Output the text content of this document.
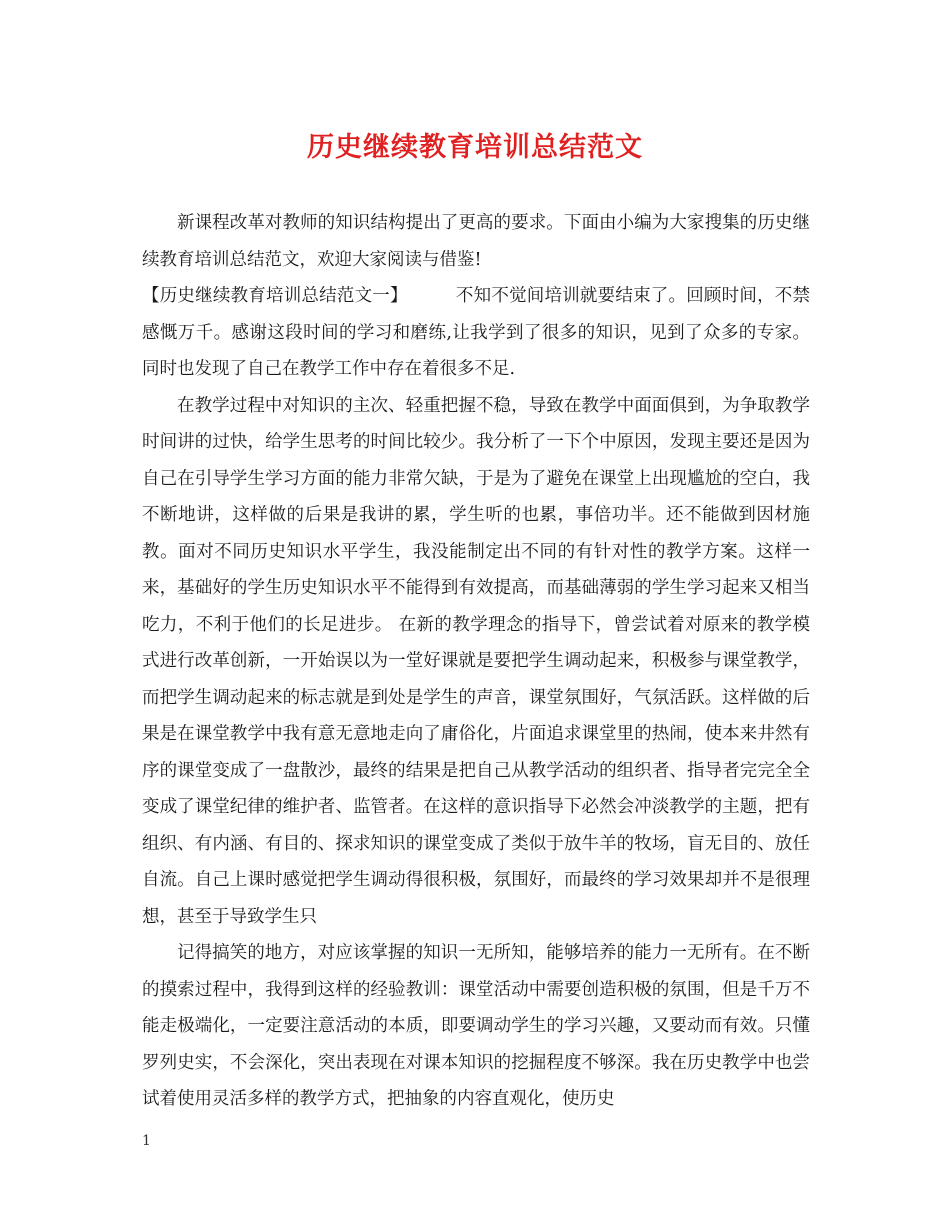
历史继续教育培训总结范文

新课程改革对教师的知识结构提出了更高的要求。下面由小编为大家搜集的历史继续教育培训总结范文，欢迎大家阅读与借鉴!

【历史继续教育培训总结范文一】	不知不觉间培训就要结束了。回顾时间，不禁感慨万千。感谢这段时间的学习和磨练,让我学到了很多的知识，见到了众多的专家。同时也发现了自己在教学工作中存在着很多不足.

在教学过程中对知识的主次、轻重把握不稳，导致在教学中面面俱到，为争取教学时间讲的过快，给学生思考的时间比较少。我分析了一下个中原因，发现主要还是因为自己在引导学生学习方面的能力非常欠缺，于是为了避免在课堂上出现尴尬的空白，我不断地讲，这样做的后果是我讲的累，学生听的也累，事倍功半。还不能做到因材施教。面对不同历史知识水平学生，我没能制定出不同的有针对性的教学方案。这样一来，基础好的学生历史知识水平不能得到有效提高，而基础薄弱的学生学习起来又相当吃力，不利于他们的长足进步。 在新的教学理念的指导下，曾尝试着对原来的教学模式进行改革创新，一开始误以为一堂好课就是要把学生调动起来，积极参与课堂教学，而把学生调动起来的标志就是到处是学生的声音，课堂氛围好，气氛活跃。这样做的后果是在课堂教学中我有意无意地走向了庸俗化，片面追求课堂里的热闹，使本来井然有序的课堂变成了一盘散沙，最终的结果是把自己从教学活动的组织者、指导者完完全全变成了课堂纪律的维护者、监管者。在这样的意识指导下必然会冲淡教学的主题，把有组织、有内涵、有目的、探求知识的课堂变成了类似于放牛羊的牧场，盲无目的、放任自流。自己上课时感觉把学生调动得很积极，氛围好，而最终的学习效果却并不是很理想，甚至于导致学生只

记得搞笑的地方，对应该掌握的知识一无所知，能够培养的能力一无所有。在不断的摸索过程中，我得到这样的经验教训：课堂活动中需要创造积极的氛围，但是千万不能走极端化，一定要注意活动的本质，即要调动学生的学习兴趣，又要动而有效。只懂罗列史实，不会深化，突出表现在对课本知识的挖掘程度不够深。我在历史教学中也尝试着使用灵活多样的教学方式，把抽象的内容直观化，使历史

1
